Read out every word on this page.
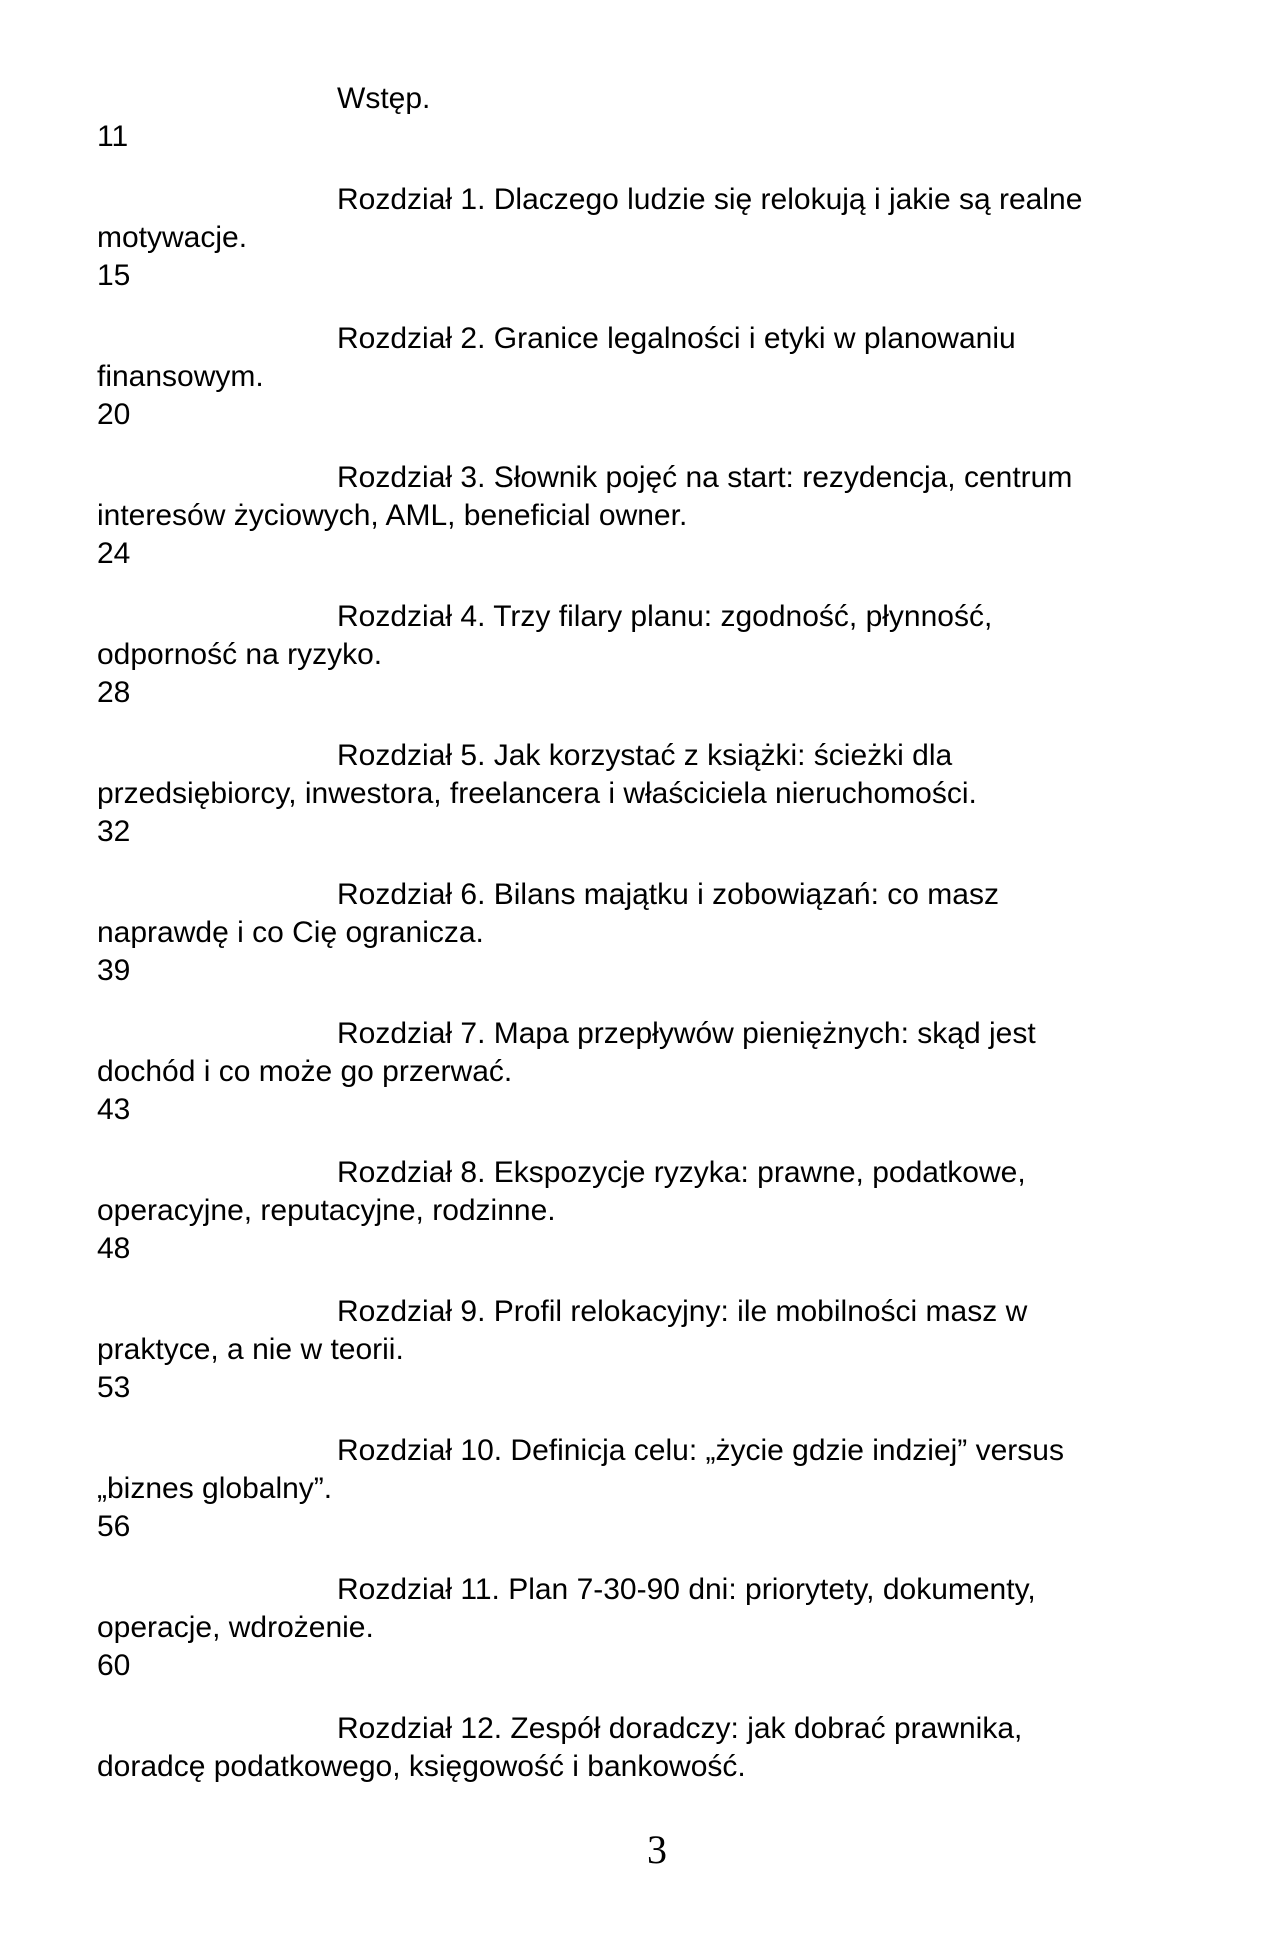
Wstęp.
11

Rozdział 1. Dlaczego ludzie się relokują i jakie są realne
motywacje.
15

Rozdział 2. Granice legalności i etyki w planowaniu
finansowym.
20

Rozdział 3. Słownik pojęć na start: rezydencja, centrum
interesów życiowych, AML, beneficial owner.
24

Rozdział 4. Trzy filary planu: zgodność, płynność,
odporność na ryzyko.
28

Rozdział 5. Jak korzystać z książki: ścieżki dla
przedsiębiorcy, inwestora, freelancera i właściciela nieruchomości.
32

Rozdział 6. Bilans majątku i zobowiązań: co masz
naprawdę i co Cię ogranicza.
39

Rozdział 7. Mapa przepływów pieniężnych: skąd jest
dochód i co może go przerwać.
43

Rozdział 8. Ekspozycje ryzyka: prawne, podatkowe,
operacyjne, reputacyjne, rodzinne.
48

Rozdział 9. Profil relokacyjny: ile mobilności masz w
praktyce, a nie w teorii.
53

Rozdział 10. Definicja celu: „życie gdzie indziej” versus
„biznes globalny”.
56

Rozdział 11. Plan 7-30-90 dni: priorytety, dokumenty,
operacje, wdrożenie.
60

Rozdział 12. Zespół doradczy: jak dobrać prawnika,
doradcę podatkowego, księgowość i bankowość.

3
